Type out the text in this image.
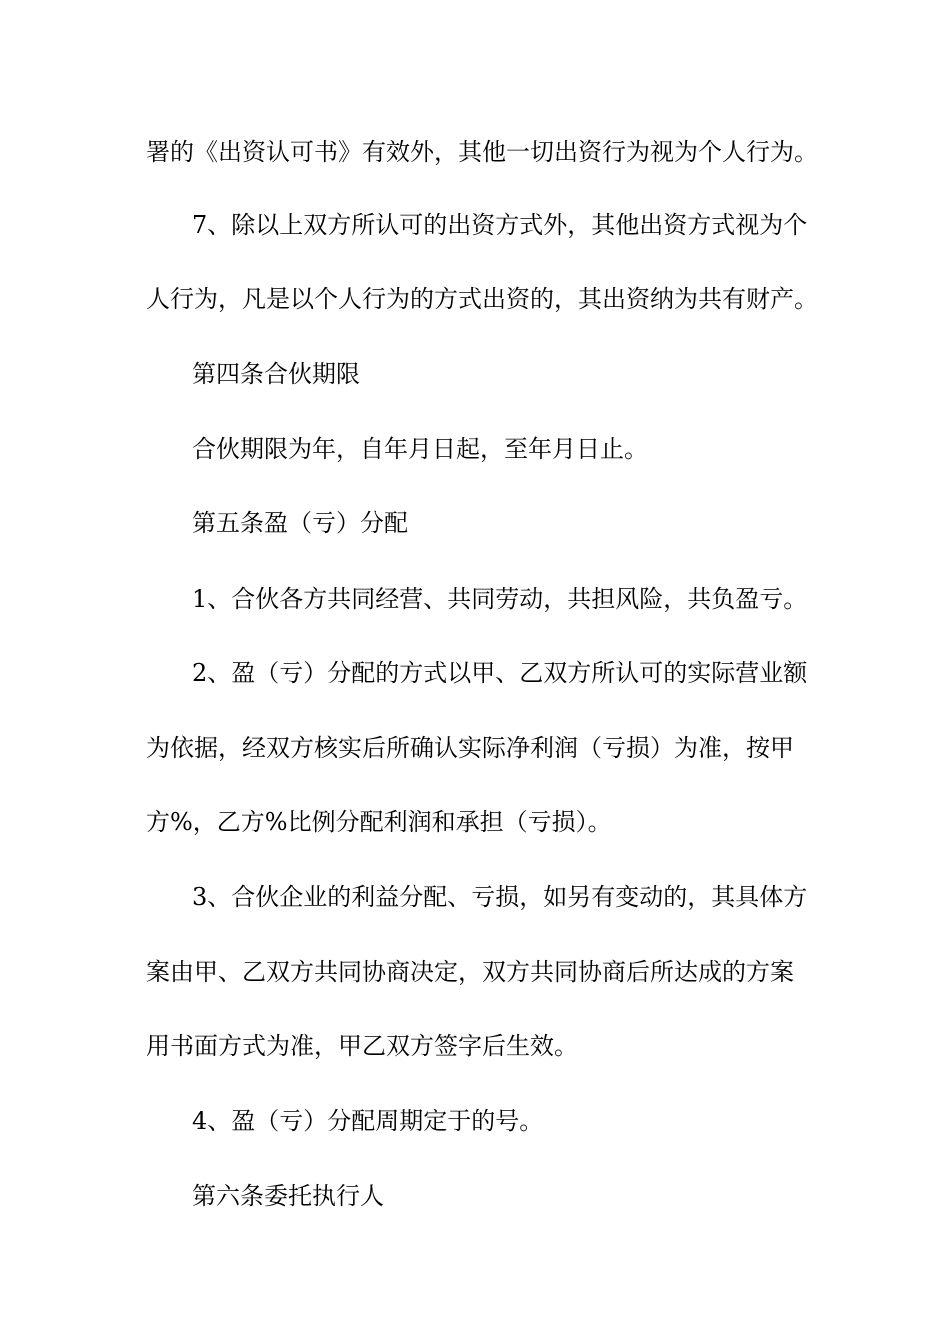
署的《出资认可书》有效外，其他一切出资行为视为个人行为。
7、除以上双方所认可的出资方式外，其他出资方式视为个
人行为，凡是以个人行为的方式出资的，其出资纳为共有财产。
第四条合伙期限
合伙期限为年，自年月日起，至年月日止。
第五条盈（亏）分配
1、合伙各方共同经营、共同劳动，共担风险，共负盈亏。
2、盈（亏）分配的方式以甲、乙双方所认可的实际营业额
为依据，经双方核实后所确认实际净利润（亏损）为准，按甲
方%，乙方%比例分配利润和承担（亏损）。
3、合伙企业的利益分配、亏损，如另有变动的，其具体方
案由甲、乙双方共同协商决定，双方共同协商后所达成的方案
用书面方式为准，甲乙双方签字后生效。
4、盈（亏）分配周期定于的号。
第六条委托执行人
